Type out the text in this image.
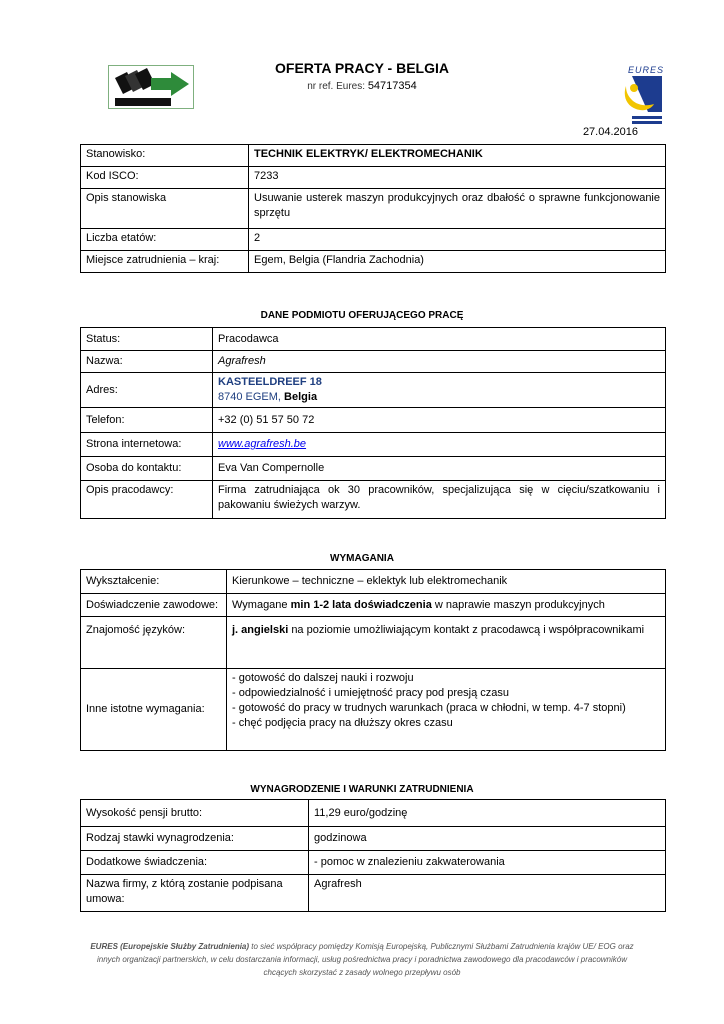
OFERTA PRACY - BELGIA
nr ref. Eures: 54717354
EURES
27.04.2016
Stanowisko:	TECHNIK ELEKTRYK/ ELEKTROMECHANIK
Kod ISCO:	7233
Opis stanowiska	Usuwanie usterek maszyn produkcyjnych oraz dbałość o sprawne funkcjonowanie sprzętu
Liczba etatów:	2
Miejsce zatrudnienia – kraj:	Egem, Belgia (Flandria Zachodnia)
DANE PODMIOTU OFERUJĄCEGO PRACĘ
Status:	Pracodawca
Nazwa:	Agrafresh
Adres:	KASTEELDREEF 18
8740 EGEM, Belgia

Telefon:	+32 (0) 51 57 50 72
Strona internetowa:	www.agrafresh.be
Osoba do kontaktu:	Eva Van Compernolle
Opis pracodawcy:	Firma zatrudniająca ok 30 pracowników, specjalizująca się w cięciu/szatkowaniu i pakowaniu świeżych warzyw.
WYMAGANIA
Wykształcenie:	Kierunkowe – techniczne – eklektyk lub elektromechanik
Doświadczenie zawodowe:	Wymagane min 1-2 lata doświadczenia w naprawie maszyn produkcyjnych
Znajomość języków:	j. angielski na poziomie umożliwiającym kontakt z pracodawcą i współpracownikami
Inne istotne wymagania:	- gotowość do dalszej nauki i rozwoju
- odpowiedzialność i umiejętność pracy pod presją czasu
- gotowość do pracy w trudnych warunkach (praca w chłodni, w temp. 4-7 stopni)
- chęć podjęcia pracy na dłuższy okres czasu
WYNAGRODZENIE I WARUNKI ZATRUDNIENIA
Wysokość pensji brutto:	11,29 euro/godzinę
Rodzaj stawki wynagrodzenia:	godzinowa
Dodatkowe świadczenia:	- pomoc w znalezieniu zakwaterowania
Nazwa firmy, z którą zostanie podpisana umowa:	Agrafresh
EURES (Europejskie Służby Zatrudnienia) to sieć współpracy pomiędzy Komisją Europejską, Publicznymi Służbami Zatrudnienia krajów UE/ EOG oraz innych organizacji partnerskich, w celu dostarczania informacji, usług pośrednictwa pracy i poradnictwa zawodowego dla pracodawców i pracowników chcących skorzystać z zasady wolnego przepływu osób
